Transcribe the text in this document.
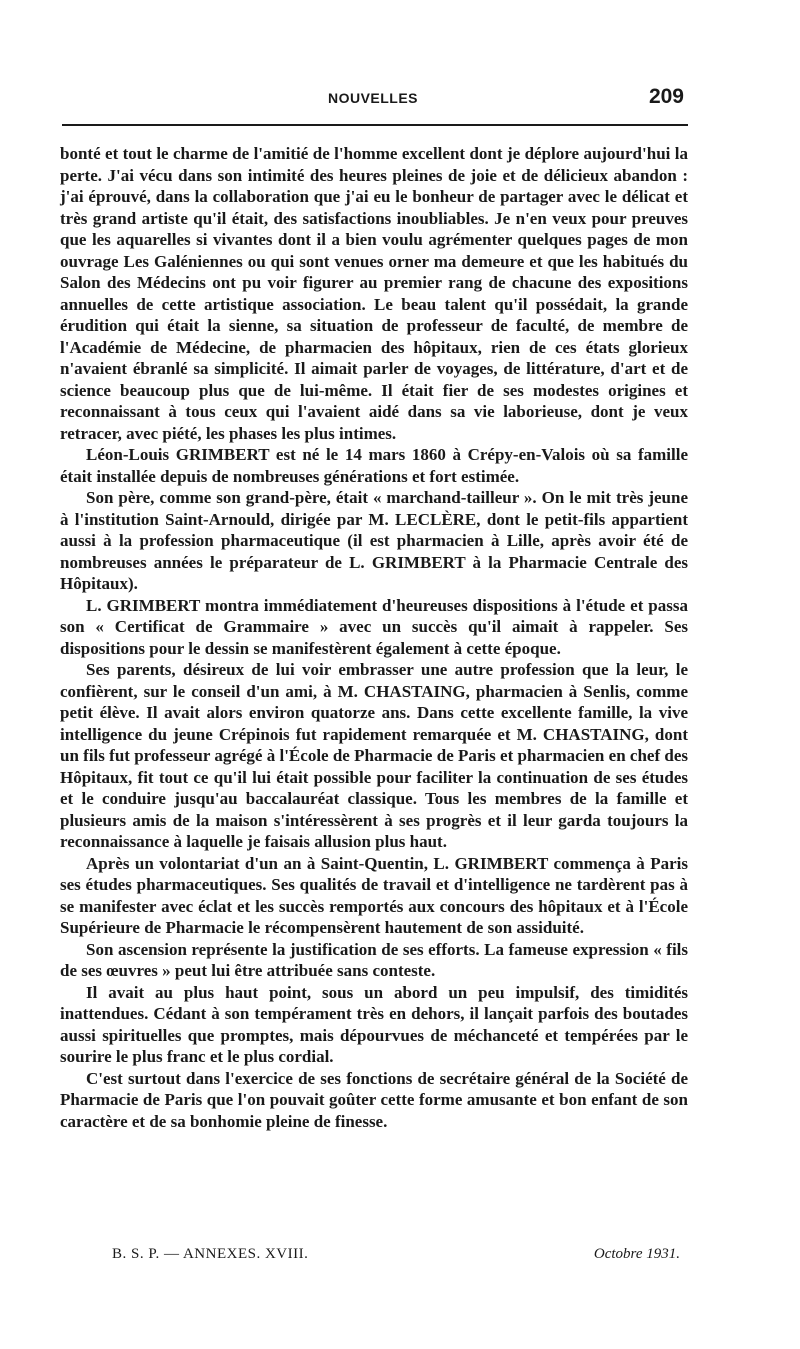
NOUVELLES	209

bonté et tout le charme de l'amitié de l'homme excellent dont je déplore aujourd'hui la perte. J'ai vécu dans son intimité des heures pleines de joie et de délicieux abandon : j'ai éprouvé, dans la collaboration que j'ai eu le bonheur de partager avec le délicat et très grand artiste qu'il était, des satisfactions inoubliables. Je n'en veux pour preuves que les aquarelles si vivantes dont il a bien voulu agrémenter quelques pages de mon ouvrage Les Galéniennes ou qui sont venues orner ma demeure et que les habitués du Salon des Médecins ont pu voir figurer au premier rang de chacune des expositions annuelles de cette artistique association. Le beau talent qu'il possédait, la grande érudition qui était la sienne, sa situation de professeur de faculté, de membre de l'Académie de Médecine, de pharmacien des hôpitaux, rien de ces états glorieux n'avaient ébranlé sa simplicité. Il aimait parler de voyages, de littérature, d'art et de science beaucoup plus que de lui-même. Il était fier de ses modestes origines et reconnaissant à tous ceux qui l'avaient aidé dans sa vie laborieuse, dont je veux retracer, avec piété, les phases les plus intimes.

Léon-Louis GRIMBERT est né le 14 mars 1860 à Crépy-en-Valois où sa famille était installée depuis de nombreuses générations et fort estimée.

Son père, comme son grand-père, était « marchand-tailleur ». On le mit très jeune à l'institution Saint-Arnould, dirigée par M. LECLÈRE, dont le petit-fils appartient aussi à la profession pharmaceutique (il est pharmacien à Lille, après avoir été de nombreuses années le préparateur de L. GRIMBERT à la Pharmacie Centrale des Hôpitaux).

L. GRIMBERT montra immédiatement d'heureuses dispositions à l'étude et passa son « Certificat de Grammaire » avec un succès qu'il aimait à rappeler. Ses dispositions pour le dessin se manifestèrent également à cette époque.

Ses parents, désireux de lui voir embrasser une autre profession que la leur, le confièrent, sur le conseil d'un ami, à M. CHASTAING, pharmacien à Senlis, comme petit élève. Il avait alors environ quatorze ans. Dans cette excellente famille, la vive intelligence du jeune Crépinois fut rapidement remarquée et M. CHASTAING, dont un fils fut professeur agrégé à l'École de Pharmacie de Paris et pharmacien en chef des Hôpitaux, fit tout ce qu'il lui était possible pour faciliter la continuation de ses études et le conduire jusqu'au baccalauréat classique. Tous les membres de la famille et plusieurs amis de la maison s'intéressèrent à ses progrès et il leur garda toujours la reconnaissance à laquelle je faisais allusion plus haut.

Après un volontariat d'un an à Saint-Quentin, L. GRIMBERT commença à Paris ses études pharmaceutiques. Ses qualités de travail et d'intelligence ne tardèrent pas à se manifester avec éclat et les succès remportés aux concours des hôpitaux et à l'École Supérieure de Pharmacie le récompensèrent hautement de son assiduité.

Son ascension représente la justification de ses efforts. La fameuse expression « fils de ses œuvres » peut lui être attribuée sans conteste.

Il avait au plus haut point, sous un abord un peu impulsif, des timidités inattendues. Cédant à son tempérament très en dehors, il lançait parfois des boutades aussi spirituelles que promptes, mais dépourvues de méchanceté et tempérées par le sourire le plus franc et le plus cordial.

C'est surtout dans l'exercice de ses fonctions de secrétaire général de la Société de Pharmacie de Paris que l'on pouvait goûter cette forme amusante et bon enfant de son caractère et de sa bonhomie pleine de finesse.

B. S. P. — ANNEXES. XVIII.	Octobre 1931.
